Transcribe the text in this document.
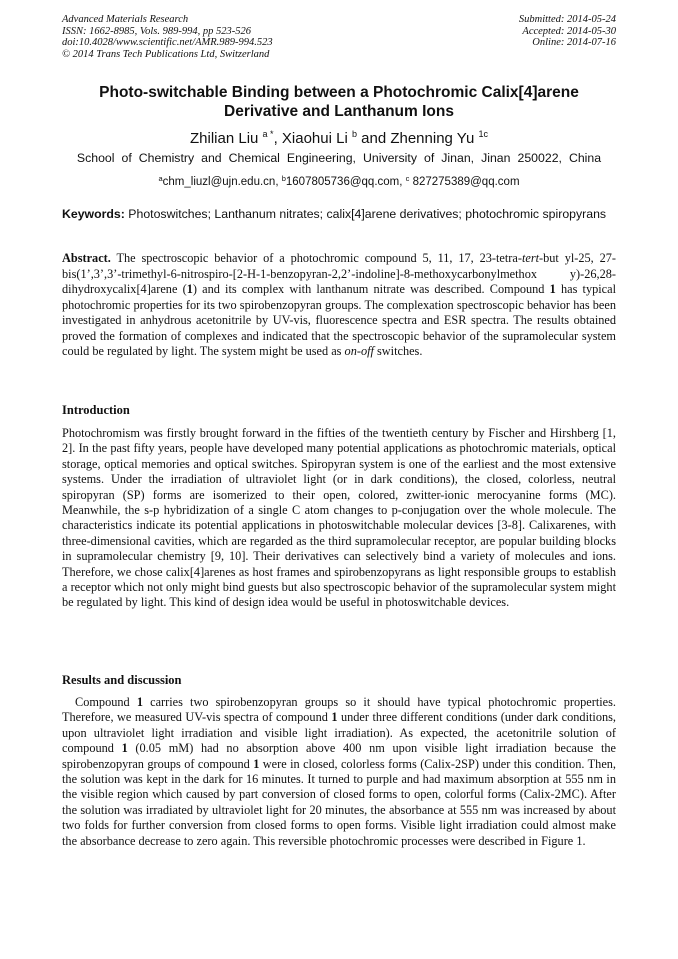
Advanced Materials Research
ISSN: 1662-8985, Vols. 989-994, pp 523-526
doi:10.4028/www.scientific.net/AMR.989-994.523
© 2014 Trans Tech Publications Ltd, Switzerland
Submitted: 2014-05-24
Accepted: 2014-05-30
Online: 2014-07-16
Photo-switchable Binding between a Photochromic Calix[4]arene
Derivative and Lanthanum Ions
Zhilian Liu $^{a *}$, Xiaohui Li $^b$ and Zhenning Yu $^{1c}$
School of Chemistry and Chemical Engineering, University of Jinan, Jinan 250022, China
$^a$chm_liuzl@ujn.edu.cn, $^b$1607805736@qq.com, $^c$ 827275389@qq.com
Keywords: Photoswitches; Lanthanum nitrates; calix[4]arene derivatives; photochromic spiropyrans
Abstract. The spectroscopic behavior of a photochromic compound 5, 11, 17, 23-tetra-tert-but yl-25, 27-bis(1’,3’,3’-trimethyl-6-nitrospiro-[2-H-1-benzopyran-2,2’-indoline]-8-methoxycarbonylmethox y)-26,28-dihydroxycalix[4]arene (1) and its complex with lanthanum nitrate was described. Compound 1 has typical photochromic properties for its two spirobenzopyran groups. The complexation spectroscopic behavior has been investigated in anhydrous acetonitrile by UV-vis, fluorescence spectra and ESR spectra. The results obtained proved the formation of complexes and indicated that the spectroscopic behavior of the supramolecular system could be regulated by light. The system might be used as on-off switches.
Introduction
Photochromism was firstly brought forward in the fifties of the twentieth century by Fischer and Hirshberg [1, 2]. In the past fifty years, people have developed many potential applications as photochromic materials, optical storage, optical memories and optical switches. Spiropyran system is one of the earliest and the most extensive systems. Under the irradiation of ultraviolet light (or in dark conditions), the closed, colorless, neutral spiropyran (SP) forms are isomerized to their open, colored, zwitter-ionic merocyanine forms (MC). Meanwhile, the s-p hybridization of a single C atom changes to p-conjugation over the whole molecule. The characteristics indicate its potential applications in photoswitchable molecular devices [3-8]. Calixarenes, with three-dimensional cavities, which are regarded as the third supramolecular receptor, are popular building blocks in supramolecular chemistry [9, 10]. Their derivatives can selectively bind a variety of molecules and ions. Therefore, we chose calix[4]arenes as host frames and spirobenzopyrans as light responsible groups to establish a receptor which not only might bind guests but also spectroscopic behavior of the supramolecular system might be regulated by light. This kind of design idea would be useful in photoswitchable devices.
Results and discussion
Compound 1 carries two spirobenzopyran groups so it should have typical photochromic properties. Therefore, we measured UV-vis spectra of compound 1 under three different conditions (under dark conditions, upon ultraviolet light irradiation and visible light irradiation). As expected, the acetonitrile solution of compound 1 (0.05 mM) had no absorption above 400 nm upon visible light irradiation because the spirobenzopyran groups of compound 1 were in closed, colorless forms (Calix-2SP) under this condition. Then, the solution was kept in the dark for 16 minutes. It turned to purple and had maximum absorption at 555 nm in the visible region which caused by part conversion of closed forms to open, colorful forms (Calix-2MC). After the solution was irradiated by ultraviolet light for 20 minutes, the absorbance at 555 nm was increased by about two folds for further conversion from closed forms to open forms. Visible light irradiation could almost make the absorbance decrease to zero again. This reversible photochromic processes were described in Figure 1.
